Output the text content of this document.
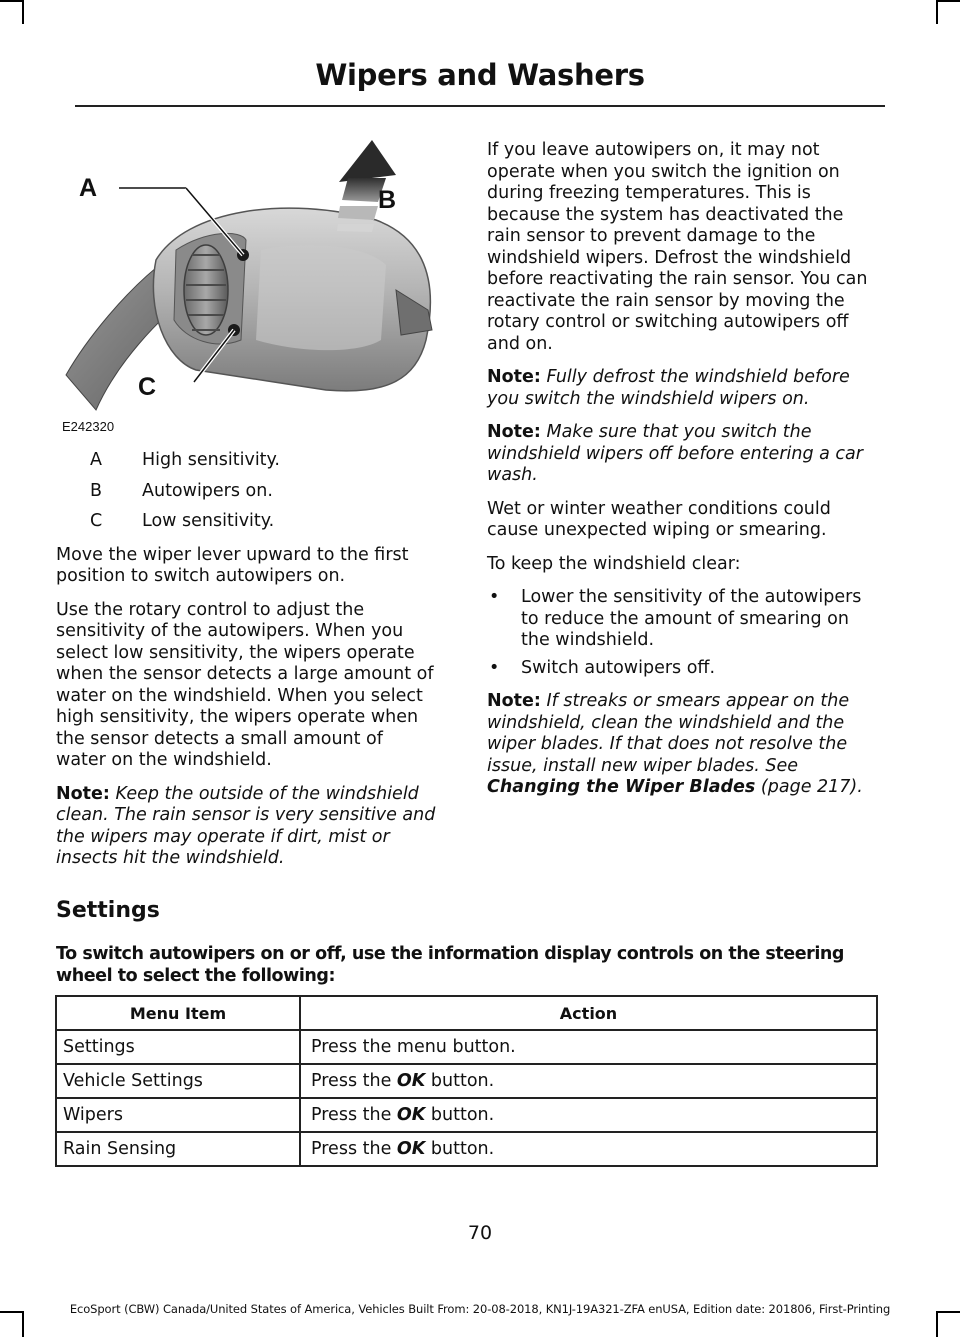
Wipers and Washers
A	B
C
E242320
A	High sensitivity.
B	Autowipers on.
C	Low sensitivity.

Move the wiper lever upward to the first position to switch autowipers on.

Use the rotary control to adjust the sensitivity of the autowipers. When you select low sensitivity, the wipers operate when the sensor detects a large amount of water on the windshield. When you select high sensitivity, the wipers operate when the sensor detects a small amount of water on the windshield.

Note: Keep the outside of the windshield clean. The rain sensor is very sensitive and the wipers may operate if dirt, mist or insects hit the windshield.

If you leave autowipers on, it may not operate when you switch the ignition on during freezing temperatures. This is because the system has deactivated the rain sensor to prevent damage to the windshield wipers. Defrost the windshield before reactivating the rain sensor. You can reactivate the rain sensor by moving the rotary control or switching autowipers off and on.

Note: Fully defrost the windshield before you switch the windshield wipers on.

Note: Make sure that you switch the windshield wipers off before entering a car wash.

Wet or winter weather conditions could cause unexpected wiping or smearing.

To keep the windshield clear:

• Lower the sensitivity of the autowipers to reduce the amount of smearing on the windshield.
• Switch autowipers off.

Note: If streaks or smears appear on the windshield, clean the windshield and the wiper blades. If that does not resolve the issue, install new wiper blades. See Changing the Wiper Blades (page 217).

Settings
To switch autowipers on or off, use the information display controls on the steering wheel to select the following:
Menu Item	Action
Settings	Press the menu button.
Vehicle Settings	Press the OK button.
Wipers	Press the OK button.
Rain Sensing	Press the OK button.
70
EcoSport (CBW) Canada/United States of America, Vehicles Built From: 20-08-2018, KN1J-19A321-ZFA enUSA, Edition date: 201806, First-Printing
